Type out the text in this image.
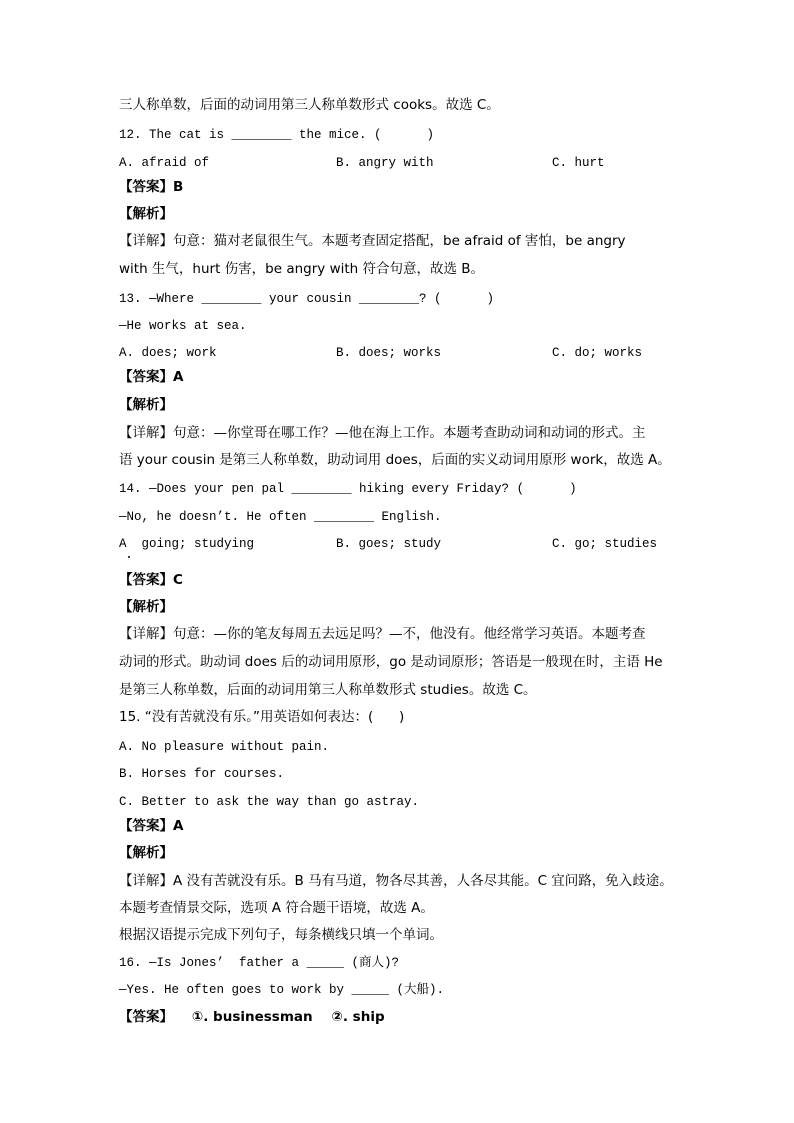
三人称单数，后面的动词用第三人称单数形式 cooks。故选 C。
12. The cat is ________ the mice. (      )
A. afraid of	B. angry with	C. hurt
【答案】B
【解析】
【详解】句意：猫对老鼠很生气。本题考查固定搭配，be afraid of 害怕，be angry
with 生气，hurt 伤害，be angry with 符合句意，故选 B。
13. —Where ________ your cousin ________? (      )
—He works at sea.
A. does; work	B. does; works	C. do; works
【答案】A
【解析】
【详解】句意：—你堂哥在哪工作？—他在海上工作。本题考查助动词和动词的形式。主
语 your cousin 是第三人称单数，助动词用 does，后面的实义动词用原形 work，故选 A。
14. —Does your pen pal ________ hiking every Friday? (      )
—No, he doesn’t. He often ________ English.
A  going; studying	B. goes; study	C. go; studies
【答案】C
【解析】
【详解】句意：—你的笔友每周五去远足吗？—不，他没有。他经常学习英语。本题考查
动词的形式。助动词 does 后的动词用原形，go 是动词原形；答语是一般现在时，主语 He
是第三人称单数，后面的动词用第三人称单数形式 studies。故选 C。
15. “没有苦就没有乐。”用英语如何表达：(      )
A. No pleasure without pain.
B. Horses for courses.
C. Better to ask the way than go astray.
【答案】A
【解析】
【详解】A 没有苦就没有乐。B 马有马道，物各尽其善，人各尽其能。C 宜问路，免入歧途。
本题考查情景交际，选项 A 符合题干语境，故选 A。
根据汉语提示完成下列句子，每条横线只填一个单词。
16. —Is Jones’  father a _____ (商人)?
—Yes. He often goes to work by _____ (大船).
【答案】    ①. businessman    ②. ship
